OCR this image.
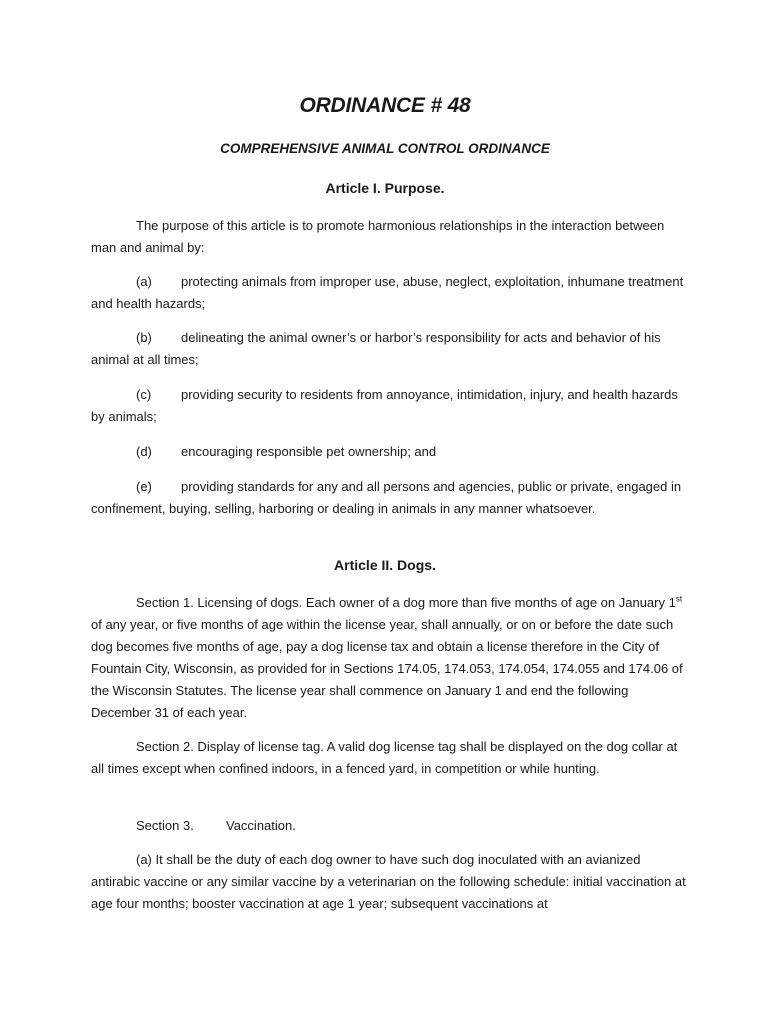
ORDINANCE # 48
COMPREHENSIVE ANIMAL CONTROL ORDINANCE
Article I. Purpose.
The purpose of this article is to promote harmonious relationships in the interaction between man and animal by:
(a) protecting animals from improper use, abuse, neglect, exploitation, inhumane treatment and health hazards;
(b) delineating the animal owner’s or harbor’s responsibility for acts and behavior of his animal at all times;
(c) providing security to residents from annoyance, intimidation, injury, and health hazards by animals;
(d) encouraging responsible pet ownership; and
(e) providing standards for any and all persons and agencies, public or private, engaged in confinement, buying, selling, harboring or dealing in animals in any manner whatsoever.
Article II. Dogs.
Section 1. Licensing of dogs. Each owner of a dog more than five months of age on January 1st of any year, or five months of age within the license year, shall annually, or on or before the date such dog becomes five months of age, pay a dog license tax and obtain a license therefore in the City of Fountain City, Wisconsin, as provided for in Sections 174.05, 174.053, 174.054, 174.055 and 174.06 of the Wisconsin Statutes. The license year shall commence on January 1 and end the following December 31 of each year.
Section 2. Display of license tag. A valid dog license tag shall be displayed on the dog collar at all times except when confined indoors, in a fenced yard, in competition or while hunting.
Section 3. Vaccination.
(a) It shall be the duty of each dog owner to have such dog inoculated with an avianized antirabic vaccine or any similar vaccine by a veterinarian on the following schedule: initial vaccination at age four months; booster vaccination at age 1 year; subsequent vaccinations at
